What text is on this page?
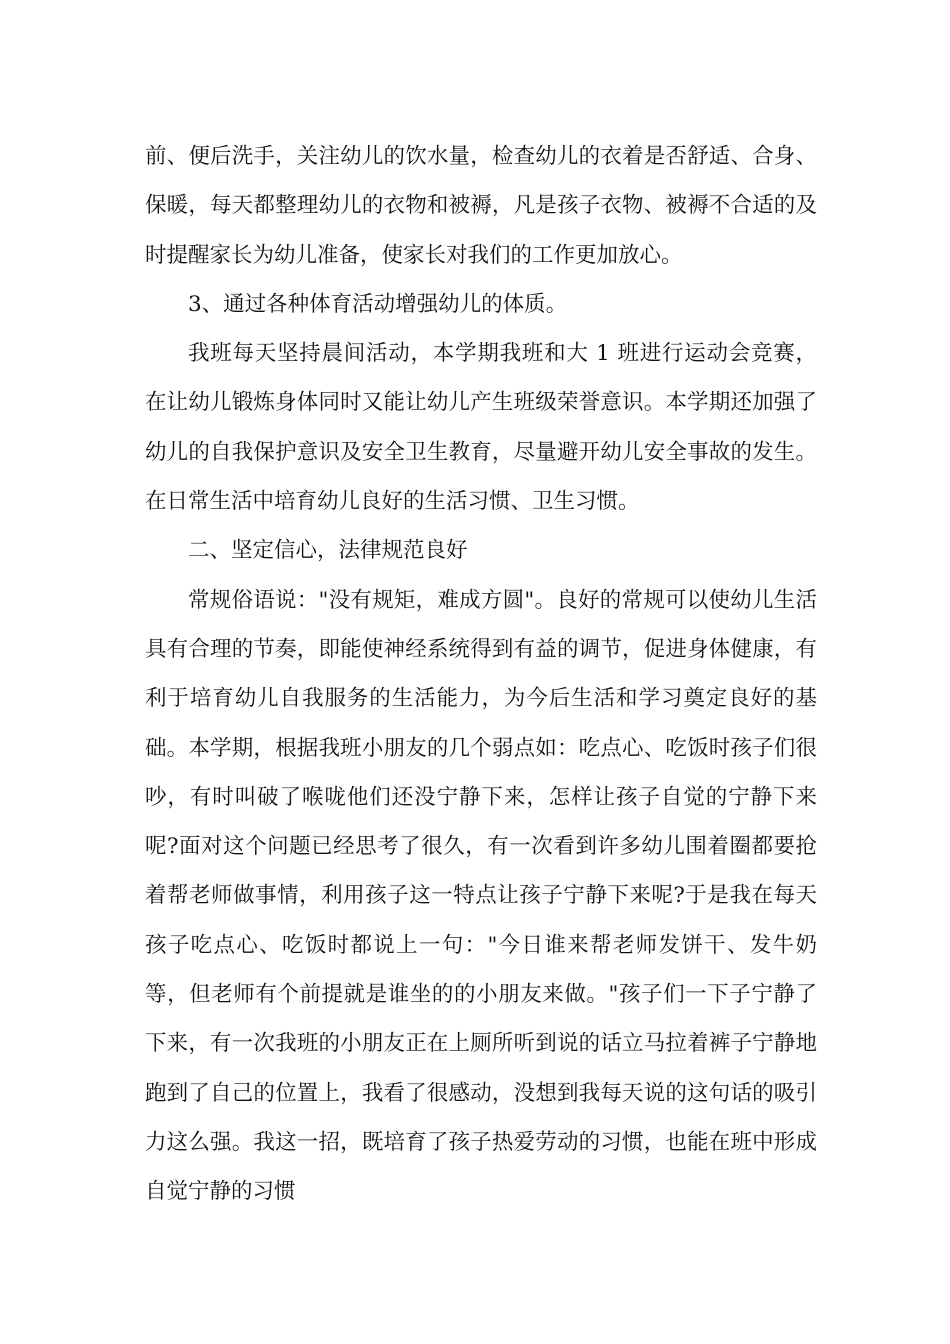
前、便后洗手，关注幼儿的饮水量，检查幼儿的衣着是否舒适、合身、保暖，每天都整理幼儿的衣物和被褥，凡是孩子衣物、被褥不合适的及时提醒家长为幼儿准备，使家长对我们的工作更加放心。

3、通过各种体育活动增强幼儿的体质。

我班每天坚持晨间活动，本学期我班和大 1 班进行运动会竞赛，在让幼儿锻炼身体同时又能让幼儿产生班级荣誉意识。本学期还加强了幼儿的自我保护意识及安全卫生教育，尽量避开幼儿安全事故的发生。在日常生活中培育幼儿良好的生活习惯、卫生习惯。

二、坚定信心，法律规范良好

常规俗语说："没有规矩，难成方圆"。良好的常规可以使幼儿生活具有合理的节奏，即能使神经系统得到有益的调节，促进身体健康，有利于培育幼儿自我服务的生活能力，为今后生活和学习奠定良好的基础。本学期，根据我班小朋友的几个弱点如：吃点心、吃饭时孩子们很吵，有时叫破了喉咙他们还没宁静下来，怎样让孩子自觉的宁静下来呢?面对这个问题已经思考了很久，有一次看到许多幼儿围着圈都要抢着帮老师做事情，利用孩子这一特点让孩子宁静下来呢?于是我在每天孩子吃点心、吃饭时都说上一句："今日谁来帮老师发饼干、发牛奶等，但老师有个前提就是谁坐的的小朋友来做。"孩子们一下子宁静了下来，有一次我班的小朋友正在上厕所听到说的话立马拉着裤子宁静地跑到了自己的位置上，我看了很感动，没想到我每天说的这句话的吸引力这么强。我这一招，既培育了孩子热爱劳动的习惯，也能在班中形成自觉宁静的习惯
